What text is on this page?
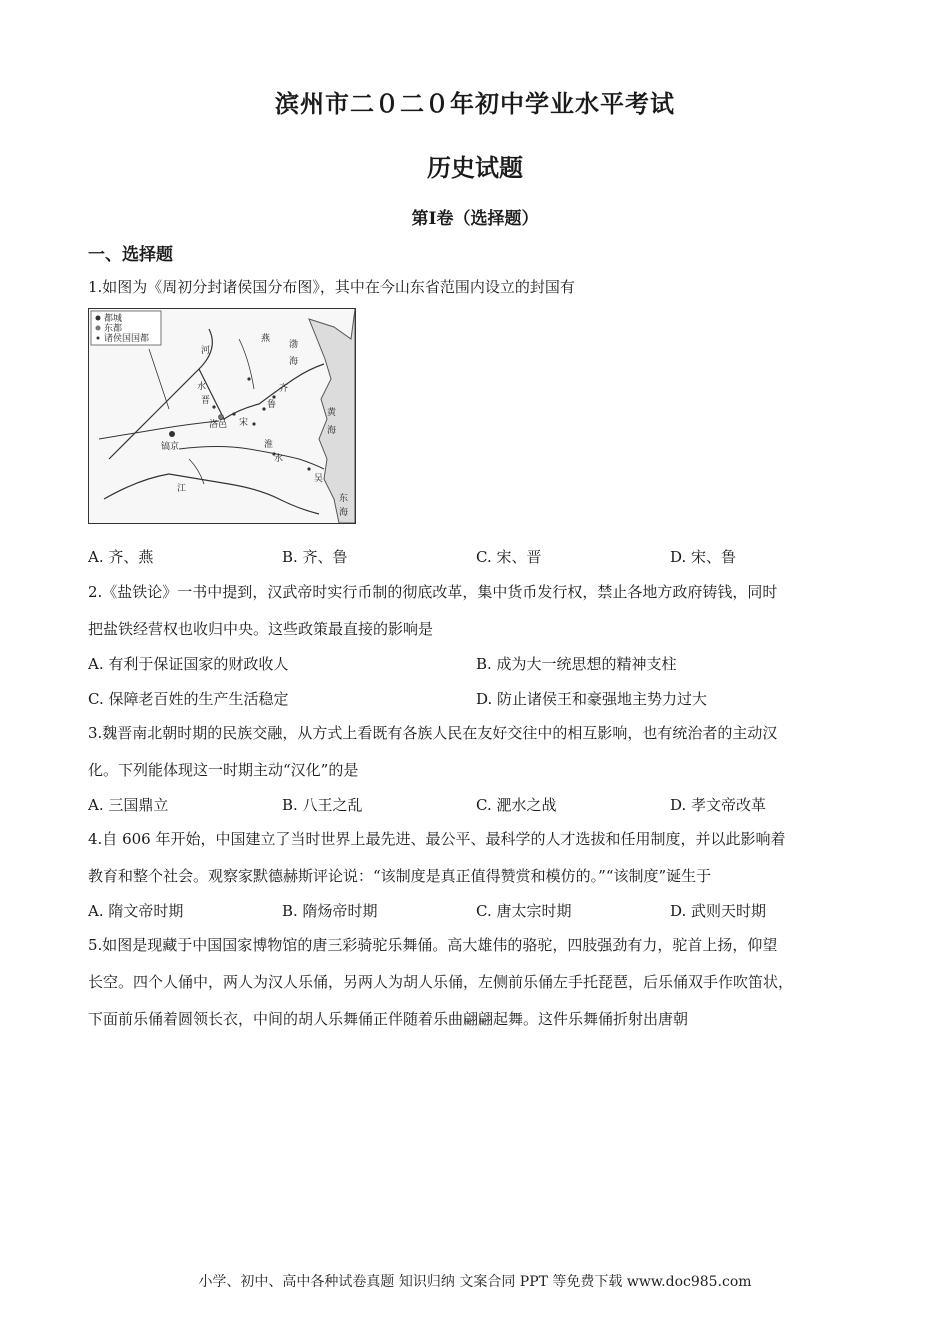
滨州市二０二０年初中学业水平考试
历史试题
第Ⅰ卷（选择题）
一、选择题
1.如图为《周初分封诸侯国分布图》，其中在今山东省范围内设立的封国有
都城
东都
诸侯国国都	燕
渤
海
齐
鲁
晋
宋
洛邑
镐京
黄
海
淮
水
吴
江
东
海
河
水
A. 齐、燕	B. 齐、鲁	C. 宋、晋	D. 宋、鲁
2.《盐铁论》一书中提到，汉武帝时实行币制的彻底改革，集中货币发行权，禁止各地方政府铸钱，同时
把盐铁经营权也收归中央。这些政策最直接的影响是
A. 有利于保证国家的财政收人	B. 成为大一统思想的精神支柱
C. 保障老百姓的生产生活稳定	D. 防止诸侯王和豪强地主势力过大
3.魏晋南北朝时期的民族交融，从方式上看既有各族人民在友好交往中的相互影响，也有统治者的主动汉
化。下列能体现这一时期主动“汉化”的是
A. 三国鼎立	B. 八王之乱	C. 淝水之战	D. 孝文帝改革
4.自 606 年开始，中国建立了当时世界上最先进、最公平、最科学的人才选拔和任用制度，并以此影响着
教育和整个社会。观察家默德赫斯评论说：“该制度是真正值得赞赏和模仿的。”“该制度”诞生于
A. 隋文帝时期	B. 隋炀帝时期	C. 唐太宗时期	D. 武则天时期
5.如图是现藏于中国国家博物馆的唐三彩骑驼乐舞俑。高大雄伟的骆驼，四肢强劲有力，驼首上扬，仰望
长空。四个人俑中，两人为汉人乐俑，另两人为胡人乐俑，左侧前乐俑左手托琵琶，后乐俑双手作吹笛状，
下面前乐俑着圆领长衣，中间的胡人乐舞俑正伴随着乐曲翩翩起舞。这件乐舞俑折射出唐朝
小学、初中、高中各种试卷真题 知识归纳 文案合同 PPT 等免费下载 www.doc985.com
